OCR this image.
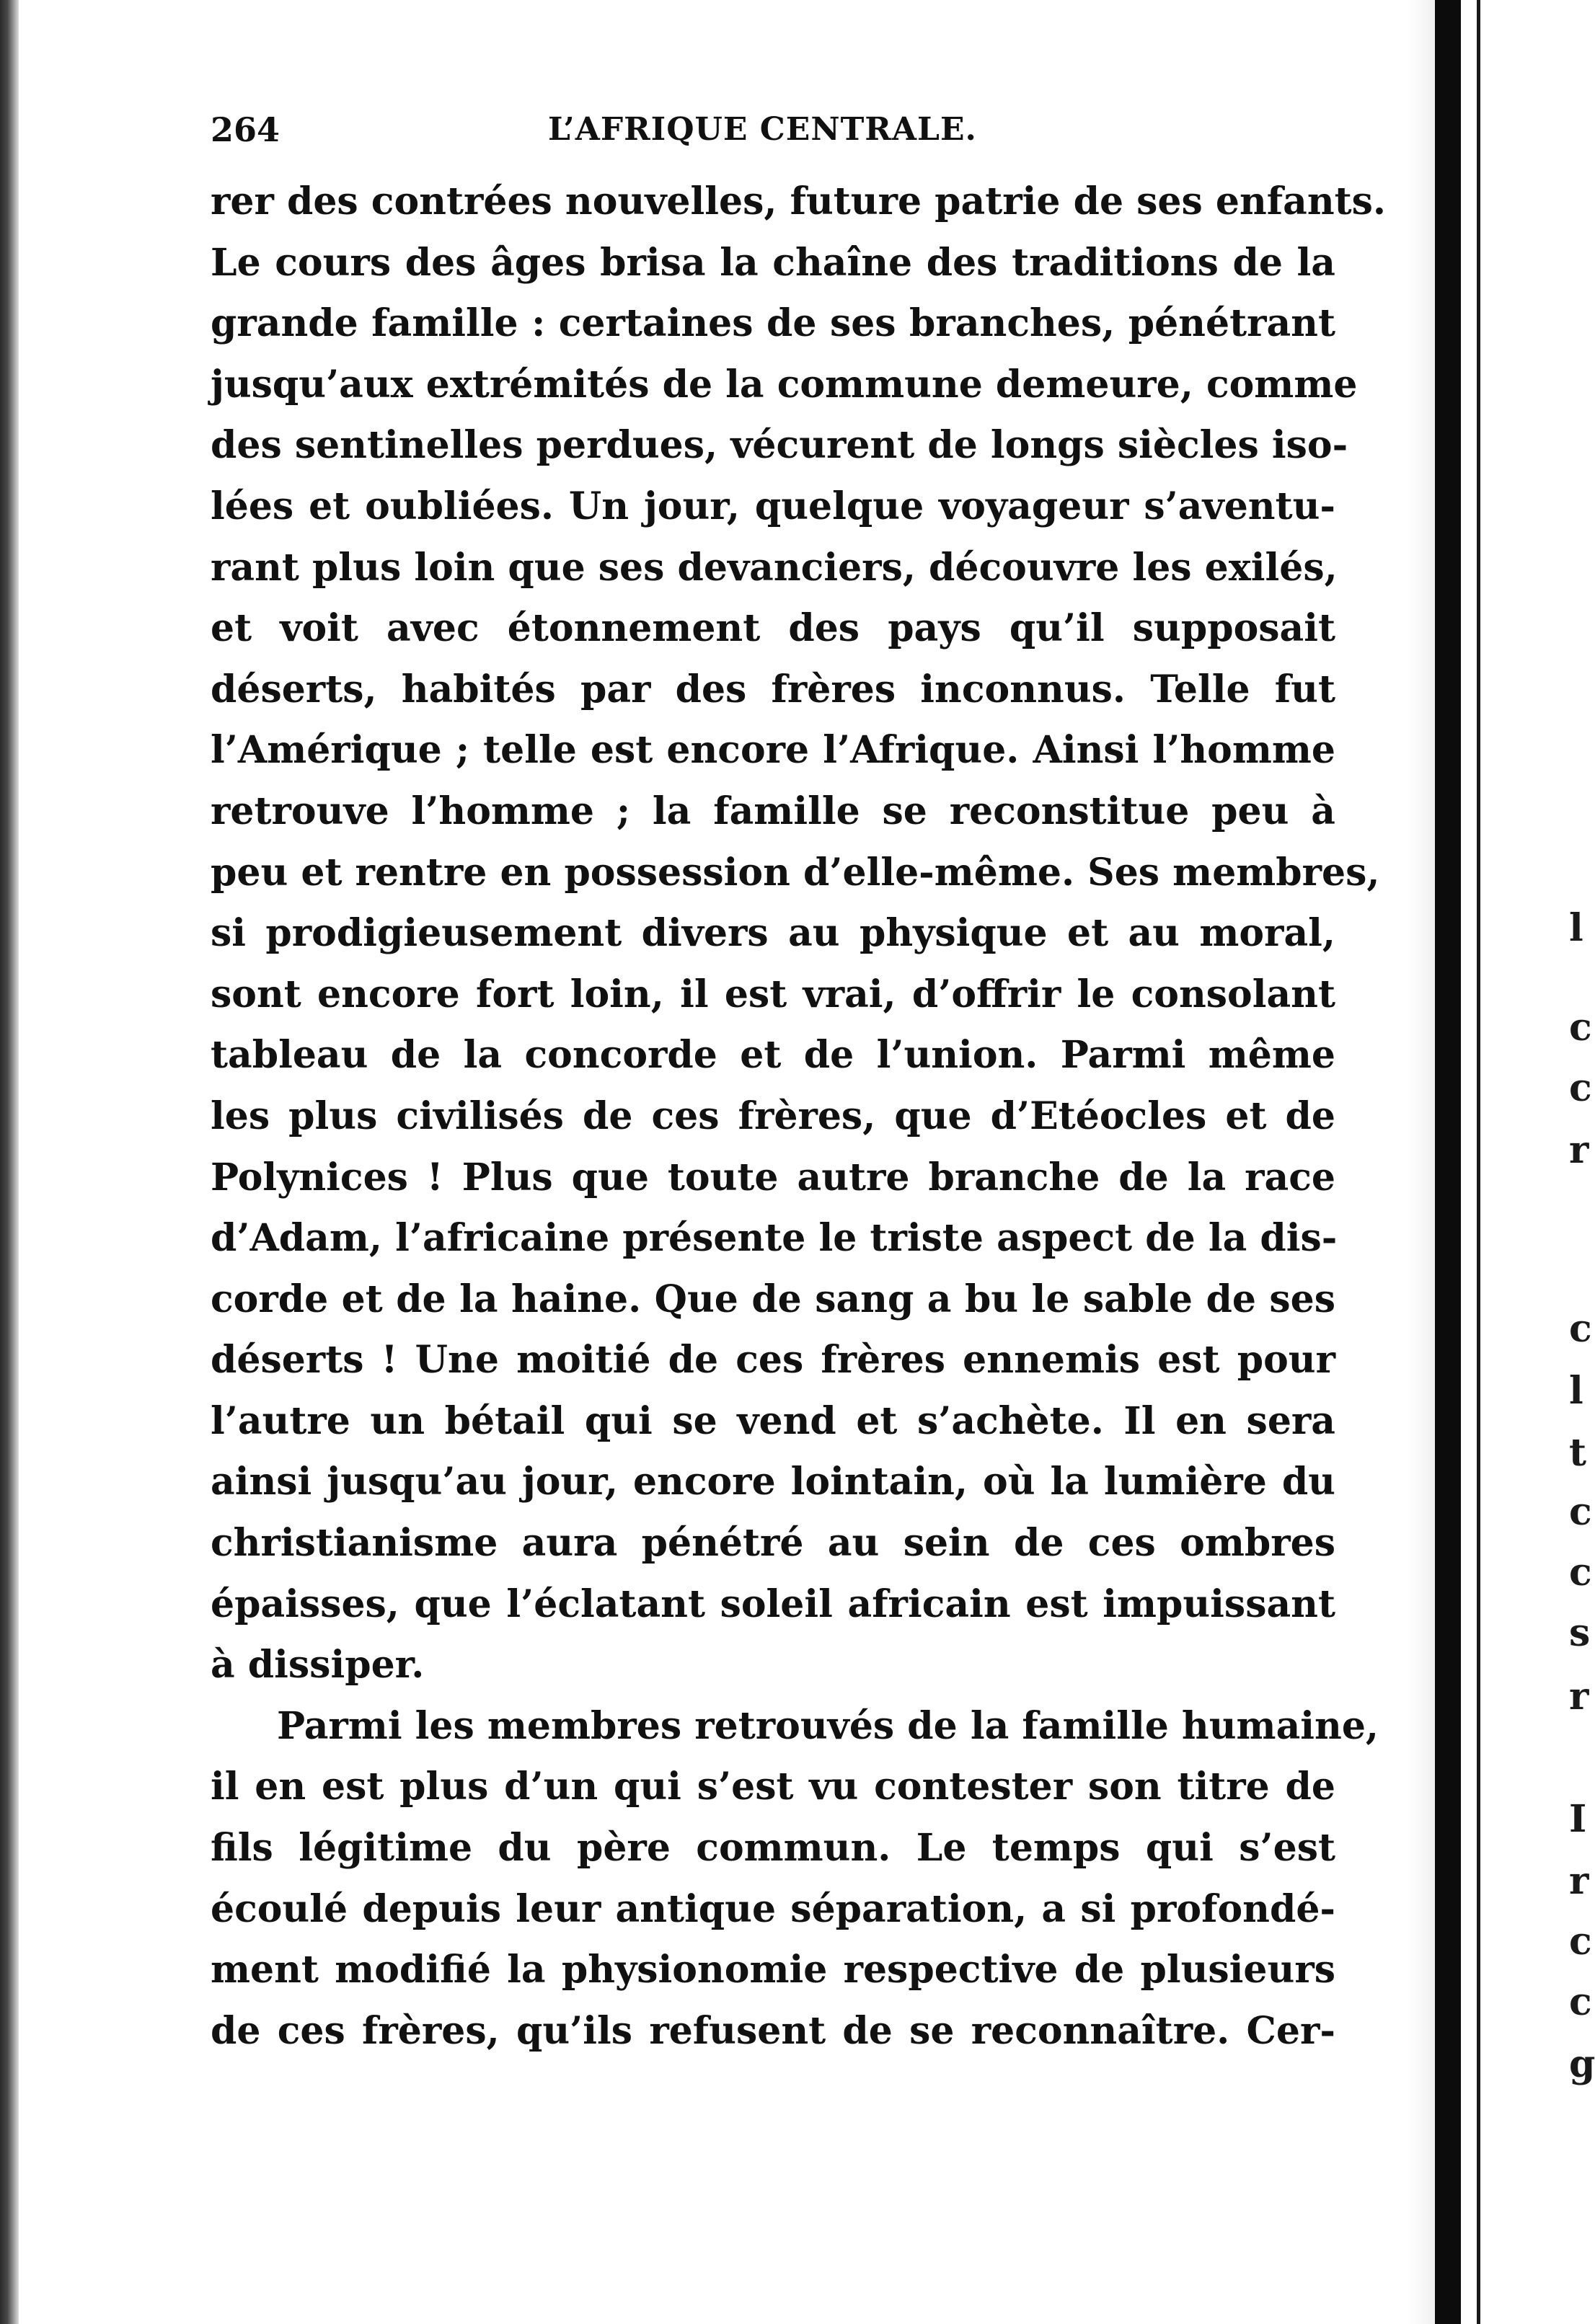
l
c
c
r
c
l
t
c
c
s
r
I
r
c
c
g
264	L’AFRIQUE CENTRALE.
rer des contrées nouvelles, future patrie de ses enfants.
Le cours des âges brisa la chaîne des traditions de la
grande famille : certaines de ses branches, pénétrant
jusqu’aux extrémités de la commune demeure, comme
des sentinelles perdues, vécurent de longs siècles iso-
lées et oubliées. Un jour, quelque voyageur s’aventu-
rant plus loin que ses devanciers, découvre les exilés,
et voit avec étonnement des pays qu’il supposait
déserts, habités par des frères inconnus. Telle fut
l’Amérique ; telle est encore l’Afrique. Ainsi l’homme
retrouve l’homme ; la famille se reconstitue peu à
peu et rentre en possession d’elle-même. Ses membres,
si prodigieusement divers au physique et au moral,
sont encore fort loin, il est vrai, d’offrir le consolant
tableau de la concorde et de l’union. Parmi même
les plus civilisés de ces frères, que d’Etéocles et de
Polynices ! Plus que toute autre branche de la race
d’Adam, l’africaine présente le triste aspect de la dis-
corde et de la haine. Que de sang a bu le sable de ses
déserts ! Une moitié de ces frères ennemis est pour
l’autre un bétail qui se vend et s’achète. Il en sera
ainsi jusqu’au jour, encore lointain, où la lumière du
christianisme aura pénétré au sein de ces ombres
épaisses, que l’éclatant soleil africain est impuissant
à dissiper.
Parmi les membres retrouvés de la famille humaine,
il en est plus d’un qui s’est vu contester son titre de
fils légitime du père commun. Le temps qui s’est
écoulé depuis leur antique séparation, a si profondé-
ment modifié la physionomie respective de plusieurs
de ces frères, qu’ils refusent de se reconnaître. Cer-
